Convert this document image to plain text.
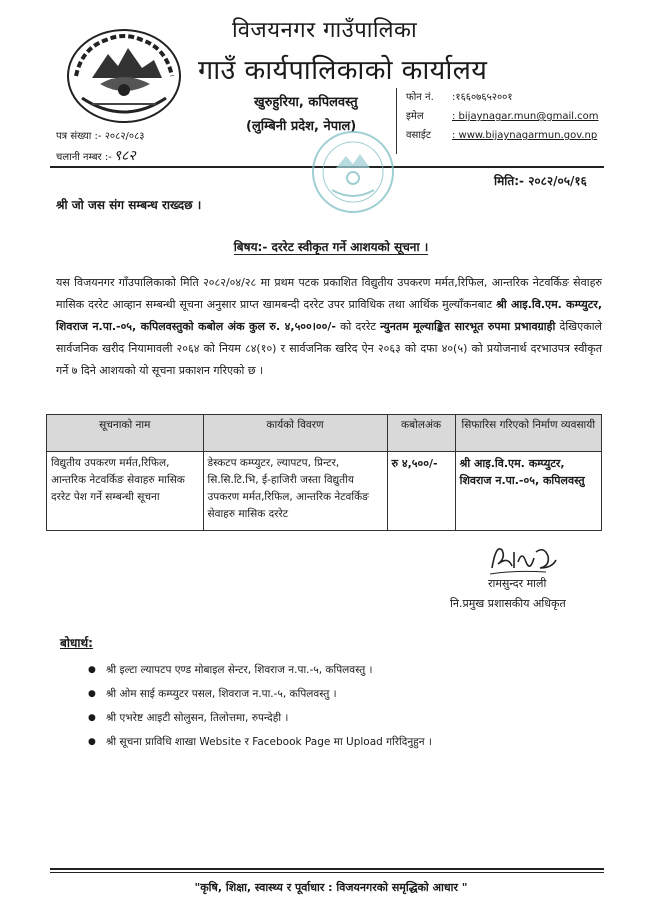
विजयनगर गाउँपालिका
गाउँ कार्यपालिकाको कार्यालय
खुरुहुरिया, कपिलवस्तु
(लुम्बिनी प्रदेश, नेपाल)
फोन नं. :१६६०७६५२००१
इमेल	: bijaynagar.mun@gmail.com
वसाईट : www.bijaynagarmun.gov.np
पत्र संख्या :- २०८२/०८३
चलानी नम्बर :- ९८२
मिति:- २०८२/०५/१६
श्री जो जस संग सम्बन्ध राख्दछ ।
बिषय:- दररेट स्वीकृत गर्ने आशयको सूचना ।
यस विजयनगर गाँउपालिकाको मिति २०८२/०४/२८ मा प्रथम पटक प्रकाशित विद्युतीय उपकरण मर्मत,रिफिल, आन्तरिक नेटवर्किङ सेवाहरु मासिक दररेट आव्हान सम्बन्धी सूचना अनुसार प्राप्त खामबन्दी दररेट उपर प्राविधिक तथा आर्थिक मुल्याँकनबाट श्री आइ.वि.एम. कम्प्युटर, शिवराज न.पा.-०५, कपिलवस्तुको कबोल अंक कुल रु. ४,५००।००/- को दररेट न्युनतम मूल्याङ्कित सारभूत रुपमा प्रभावग्राही देखिएकाले सार्वजनिक खरीद नियामावली २०६४ को नियम ८४(१०) र सार्वजनिक खरिद ऐन २०६३ को दफा ४०(५) को प्रयोजनार्थ दरभाउपत्र स्वीकृत गर्ने ७ दिने आशयको यो सूचना प्रकाशन गरिएको छ ।
सूचनाको नाम	कार्यको विवरण	कबोलअंक	सिफारिस गरिएको निर्माण व्यवसायी
विद्युतीय उपकरण मर्मत,रिफिल, आन्तरिक नेटवर्किङ सेवाहरु मासिक दररेट पेश गर्ने सम्बन्धी सूचना	डेस्कटप कम्प्युटर, ल्यापटप, प्रिन्टर, सि.सि.टि.भि, ई-हाजिरी जस्ता विद्युतीय उपकरण मर्मत,रिफिल, आन्तरिक नेटवर्किङ सेवाहरु मासिक दररेट	रु ४,५००/-	श्री आइ.वि.एम. कम्प्युटर, शिवराज न.पा.-०५, कपिलवस्तु
रामसुन्दर माली
नि.प्रमुख प्रशासकीय अधिकृत
बोधार्थ:
● श्री इल्टा ल्यापटप एण्ड मोबाइल सेन्टर, शिवराज न.पा.-५, कपिलवस्तु ।
● श्री ओम साई कम्प्युटर पसल, शिवराज न.पा.-५, कपिलवस्तु ।
● श्री एभरेष्ट आइटी सोलुसन, तिलोत्तमा, रुपन्देही ।
● श्री सूचना प्राविधि शाखा Website र Facebook Page मा Upload गरिदिनुहुन ।
"कृषि, शिक्षा, स्वास्थ्य र पूर्वाधार : विजयनगरको समृद्धिको आधार "
